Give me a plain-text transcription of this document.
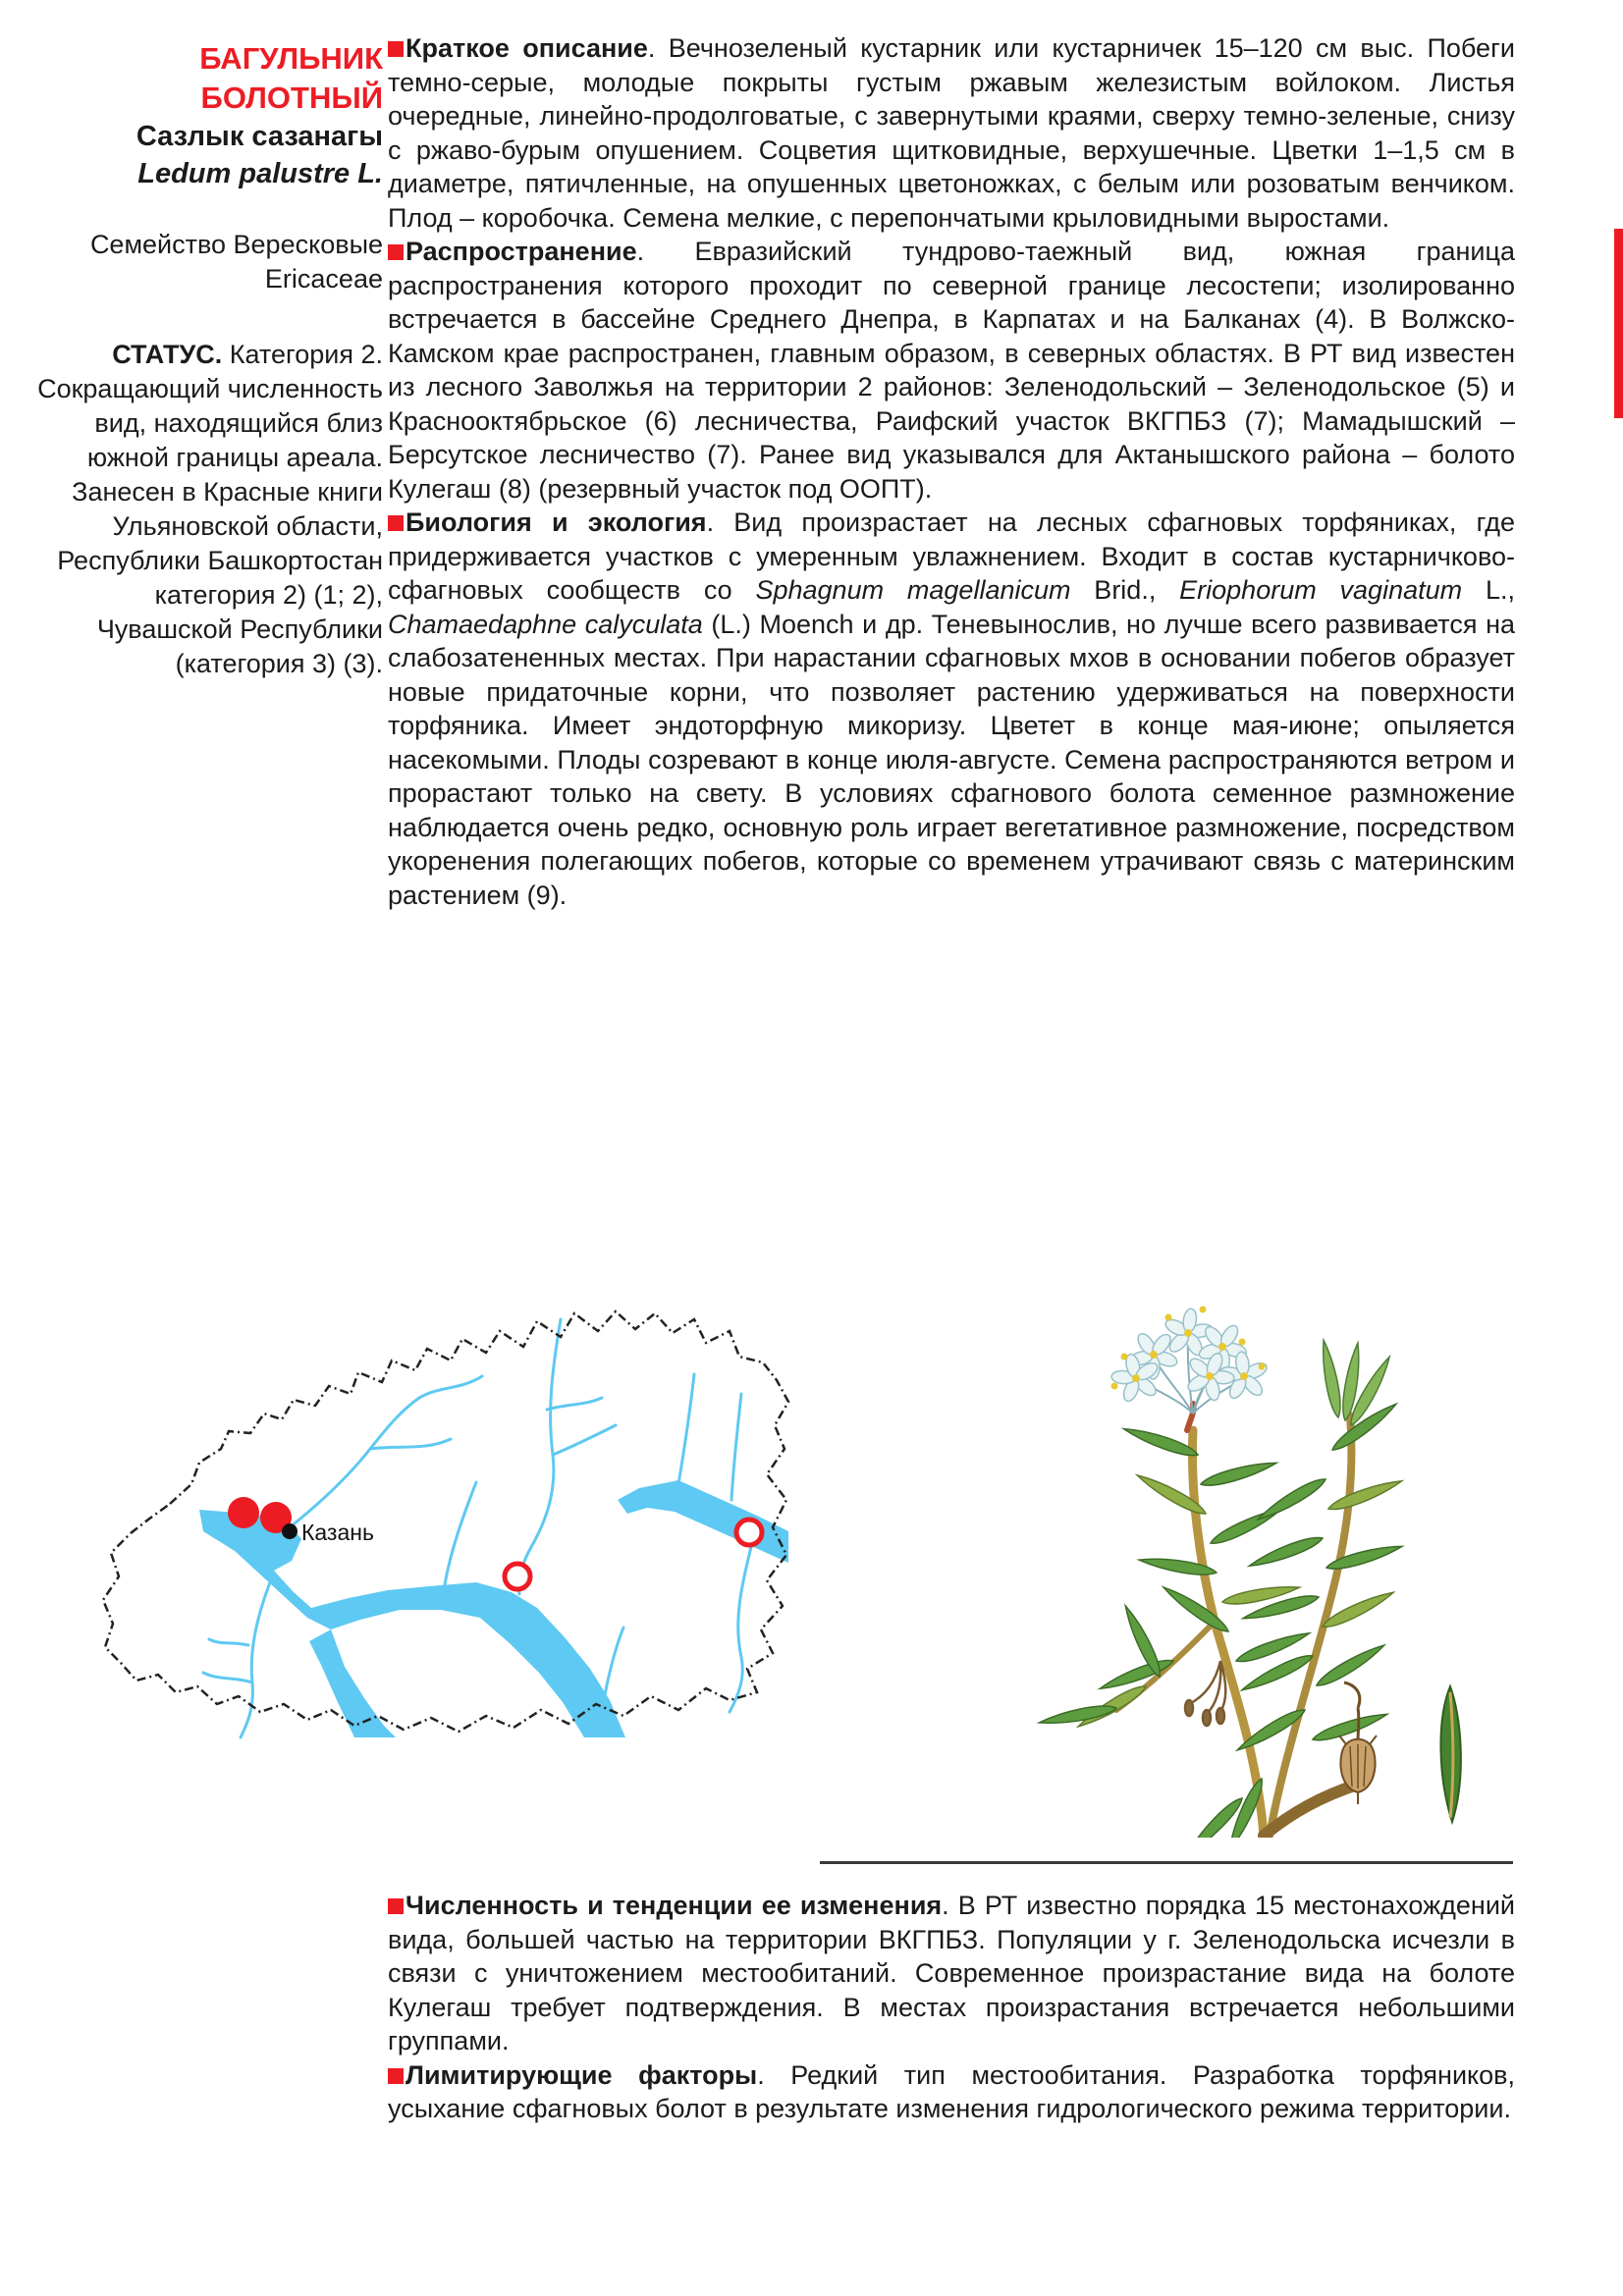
БАГУЛЬНИК БОЛОТНЫЙ
Сазлык сазанагы
Ledum palustre L.
Семейство Вересковые
Ericaceae
СТАТУС. Категория 2. Сокращающий численность вид, находящийся близ южной границы ареала. Занесен в Красные книги Ульяновской области, Республики Башкортостан категория 2) (1; 2), Чувашской Республики (категория 3) (3).

Краткое описание. Вечнозеленый кустарник или кустарничек 15–120 см выс. Побеги темно-серые, молодые покрыты густым ржавым железистым войлоком. Листья очередные, линейно-продолговатые, с завернутыми краями, сверху темно-зеленые, снизу с ржаво-бурым опушением. Соцветия щитковидные, верхушечные. Цветки 1–1,5 см в диаметре, пятичленные, на опушенных цветоножках, с белым или розоватым венчиком. Плод – коробочка. Семена мелкие, с перепончатыми крыловидными выростами.

Распространение. Евразийский тундрово-таежный вид, южная граница распространения которого проходит по северной границе лесостепи; изолированно встречается в бассейне Среднего Днепра, в Карпатах и на Балканах (4). В Волжско-Камском крае распространен, главным образом, в северных областях. В РТ вид известен из лесного Заволжья на территории 2 районов: Зеленодольский – Зеленодольское (5) и Краснооктябрьское (6) лесничества, Раифский участок ВКГПБЗ (7); Мамадышский – Берсутское лесничество (7). Ранее вид указывался для Актанышского района – болото Кулегаш (8) (резервный участок под ООПТ).

Биология и экология. Вид произрастает на лесных сфагновых торфяниках, где придерживается участков с умеренным увлажнением. Входит в состав кустарничково-сфагновых сообществ со Sphagnum magellanicum Brid., Eriophorum vaginatum L., Chamaedaphne calyculata (L.) Moench и др. Теневынослив, но лучше всего развивается на слабозатененных местах. При нарастании сфагновых мхов в основании побегов образует новые придаточные корни, что позволяет растению удерживаться на поверхности торфяника. Имеет эндоторфную микоризу. Цветет в конце мая-июне; опыляется насекомыми. Плоды созревают в конце июля-августе. Семена распространяются ветром и прорастают только на свету. В условиях сфагнового болота семенное размножение наблюдается очень редко, основную роль играет вегетативное размножение, посредством укоренения полегающих побегов, которые со временем утрачивают связь с материнским растением (9).

Казань

Численность и тенденции ее изменения. В РТ известно порядка 15 местонахождений вида, большей частью на территории ВКГПБЗ. Популяции у г. Зеленодольска исчезли в связи с уничтожением местообитаний. Современное произрастание вида на болоте Кулегаш требует подтверждения. В местах произрастания встречается небольшими группами.

Лимитирующие факторы. Редкий тип местообитания. Разработка торфяников, усыхание сфагновых болот в результате изменения гидрологического режима территории.
